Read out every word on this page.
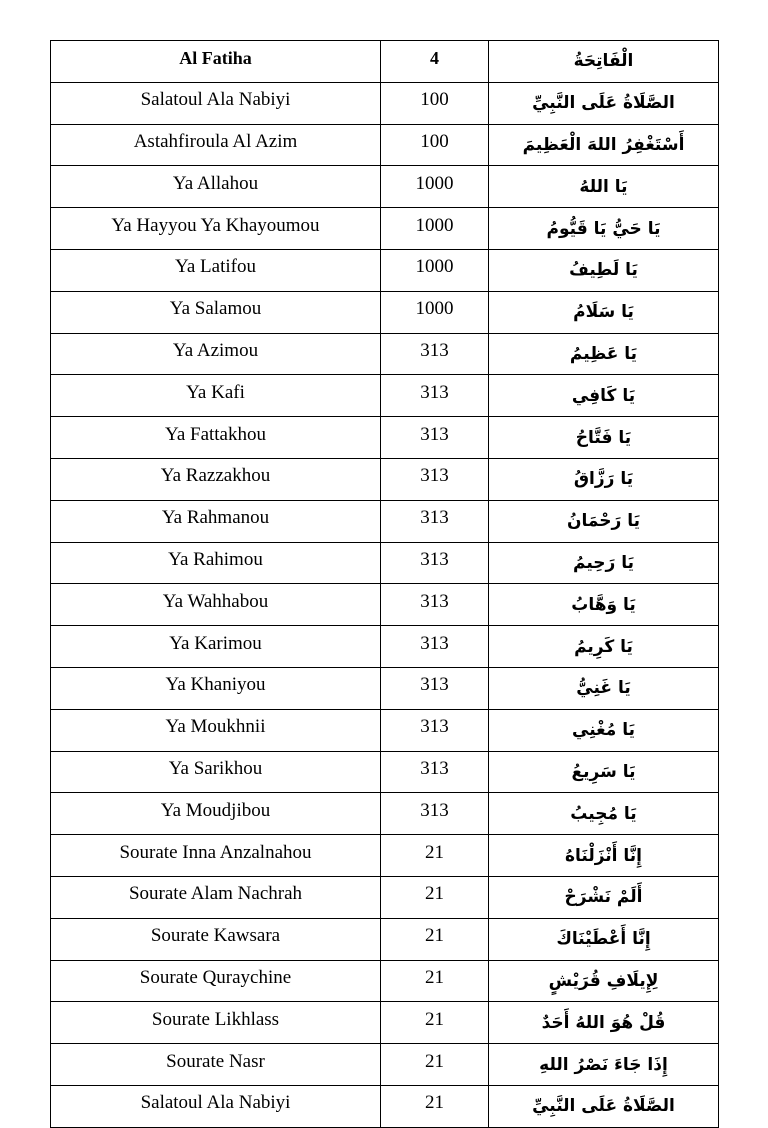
Al Fatiha	4	الْفَاتِحَةُ
Salatoul Ala Nabiyi	100	الصَّلَاةُ عَلَى النَّبِيِّ
Astahfiroula Al Azim	100	أَسْتَغْفِرُ اللهَ الْعَظِيمَ
Ya Allahou	1000	يَا اللهُ
Ya Hayyou Ya Khayoumou	1000	يَا حَيُّ يَا قَيُّومُ
Ya Latifou	1000	يَا لَطِيفُ
Ya Salamou	1000	يَا سَلَامُ
Ya Azimou	313	يَا عَظِيمُ
Ya Kafi	313	يَا كَافِي
Ya Fattakhou	313	يَا فَتَّاحُ
Ya Razzakhou	313	يَا رَزَّاقُ
Ya Rahmanou	313	يَا رَحْمَانُ
Ya Rahimou	313	يَا رَحِيمُ
Ya Wahhabou	313	يَا وَهَّابُ
Ya Karimou	313	يَا كَرِيمُ
Ya Khaniyou	313	يَا غَنِيُّ
Ya Moukhnii	313	يَا مُغْنِي
Ya Sarikhou	313	يَا سَرِيعُ
Ya Moudjibou	313	يَا مُجِيبُ
Sourate Inna Anzalnahou	21	إِنَّا أَنْزَلْنَاهُ
Sourate Alam Nachrah	21	أَلَمْ نَشْرَحْ
Sourate Kawsara	21	إِنَّا أَعْطَيْنَاكَ
Sourate Quraychine	21	لِإِيلَافِ قُرَيْشٍ
Sourate Likhlass	21	قُلْ هُوَ اللهُ أَحَدٌ
Sourate Nasr	21	إِذَا جَاءَ نَصْرُ اللهِ
Salatoul Ala Nabiyi	21	الصَّلَاةُ عَلَى النَّبِيِّ
